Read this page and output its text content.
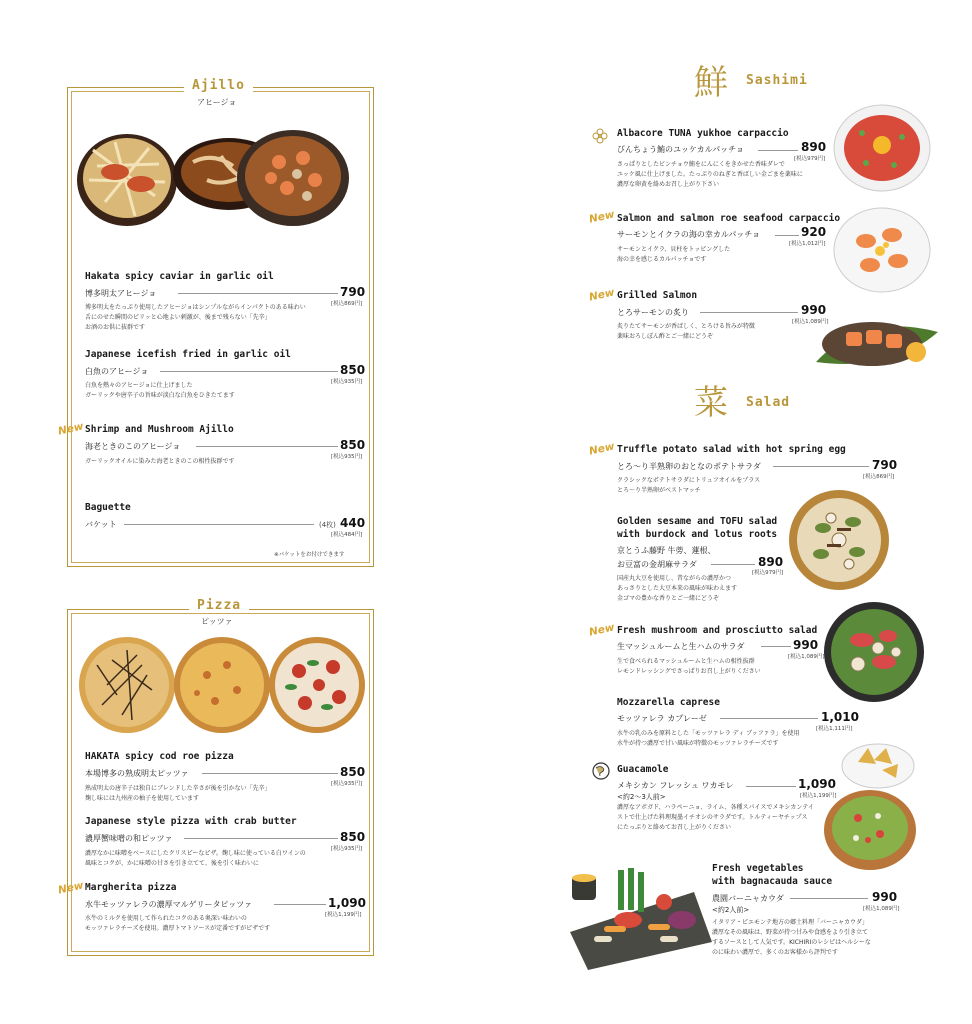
Ajillo
アヒージョ
Hakata spicy caviar in garlic oil
博多明太アヒージョ	790
[税込869円]
博多明太をたっぷり使用したアヒージョはシンプルながらインパクトのある味わい
舌にのせた瞬間のピリッと心地よい刺激が、後まで残らない「先辛」
お酒のお供に抜群です
Japanese icefish fried in garlic oil
白魚のアヒージョ	850
[税込935円]
白魚を熱々のアヒージョに仕上げました
ガーリックや唐辛子の旨味が淡白な白魚をひきたてます
New Shrimp and Mushroom Ajillo
海老ときのこのアヒージョ	850
[税込935円]
ガーリックオイルに染みた海老ときのこの相性抜群です
Baguette
バケット	(4枚) 440
[税込484円]
※バケットをお付けできます
Pizza
ピッツァ
HAKATA spicy cod roe pizza
本場博多の熟成明太ピッツァ	850
[税込935円]
熟成明太の唐辛子は独自にブレンドした辛さが後を引かない「先辛」
麹し味には九州産の柚子を使用しています
Japanese style pizza with crab butter
濃厚蟹味噌の和ピッツァ	850
[税込935円]
濃厚なかに味噌をベースにしたクリスピーなピザ。麹し味に使っている白ワインの
風味とコクが、かに味噌の甘さを引き立てて、後を引く味わいに
New Margherita pizza
水牛モッツァレラの濃厚マルゲリータピッツァ	1,090
[税込1,199円]
水牛のミルクを使用して作られたコクのある奥深い味わいの
モッツァレラチーズを使用。濃厚トマトソースが定番ですがピザです
鮮 Sashimi
Albacore TUNA yukhoe carpaccio
びんちょう鮪のユッケカルパッチョ	890
[税込979円]
さっぱりとしたビンチョウ鮪をにんにくをきかせた香味ダレで
ユッケ風に仕上げました。たっぷりのねぎと香ばしい金ごまを薬味に
濃厚な卵黄を絡めお召し上がり下さい
New Salmon and salmon roe seafood carpaccio
サーモンとイクラの海の幸カルパッチョ	920
[税込1,012円]
サーモンとイクラ、貝柱をトッピングした
海の幸を感じるカルパッチョです
New Grilled Salmon
とろサーモンの炙り	990
[税込1,089円]
炙りたてサーモンが香ばしく、とろける旨みが特徴
薬味おろしぽん酢とご一緒にどうぞ
菜 Salad
New Truffle potato salad with hot spring egg
とろ～り半熟卵のおとなのポテトサラダ	790
[税込869円]
クラシックなポテトサラダにトリュフオイルをプラス
とろ～り半熟卵がベストマッチ
Golden sesame and TOFU salad
with burdock and lotus roots
京とうふ藤野 牛蒡、蓮根、
お豆富の金胡麻サラダ	890
[税込979円]
国産丸大豆を使用し、昔ながらの濃厚かつ
あっさりとした大豆本来の風味が味わえます
金ゴマの豊かな香りとご一緒にどうぞ
New Fresh mushroom and prosciutto salad
生マッシュルームと生ハムのサラダ	990
[税込1,089円]
生で食べられるマッシュルームと生ハムの相性抜群
レモンドレッシングでさっぱりお召し上がりください
Mozzarella caprese
モッツァレラ カプレーゼ	1,010
[税込1,111円]
水牛の乳のみを原料とした「モッツァレラ ディ ブッファラ」を使用
水牛が持つ濃厚で甘い風味が特徴のモッツァレラチーズです
Guacamole
メキシカン フレッシュ ワカモレ	1,090
[税込1,199円]
<約2～3人前>
濃厚なアボガド、ハラペーニョ、ライム、各種スパイスでメキシカンテイ
ストで仕上げた料理現墨イチオシのサラダです。トルティーヤチップス
にたっぷりと絡めてお召し上がりください
Fresh vegetables
with bagnacauda sauce
農園バーニャカウダ	990
[税込1,089円]
<約2人前>
イタリア・ピエモンテ地方の郷土料理「バーニャカウダ」
濃厚なその風味は、野菜が持つ甘みや食感をより引き立て
するソースとして人気です。KICHIRIのレシピはヘルシーな
のに味わい濃厚で、多くのお客様から評判です
